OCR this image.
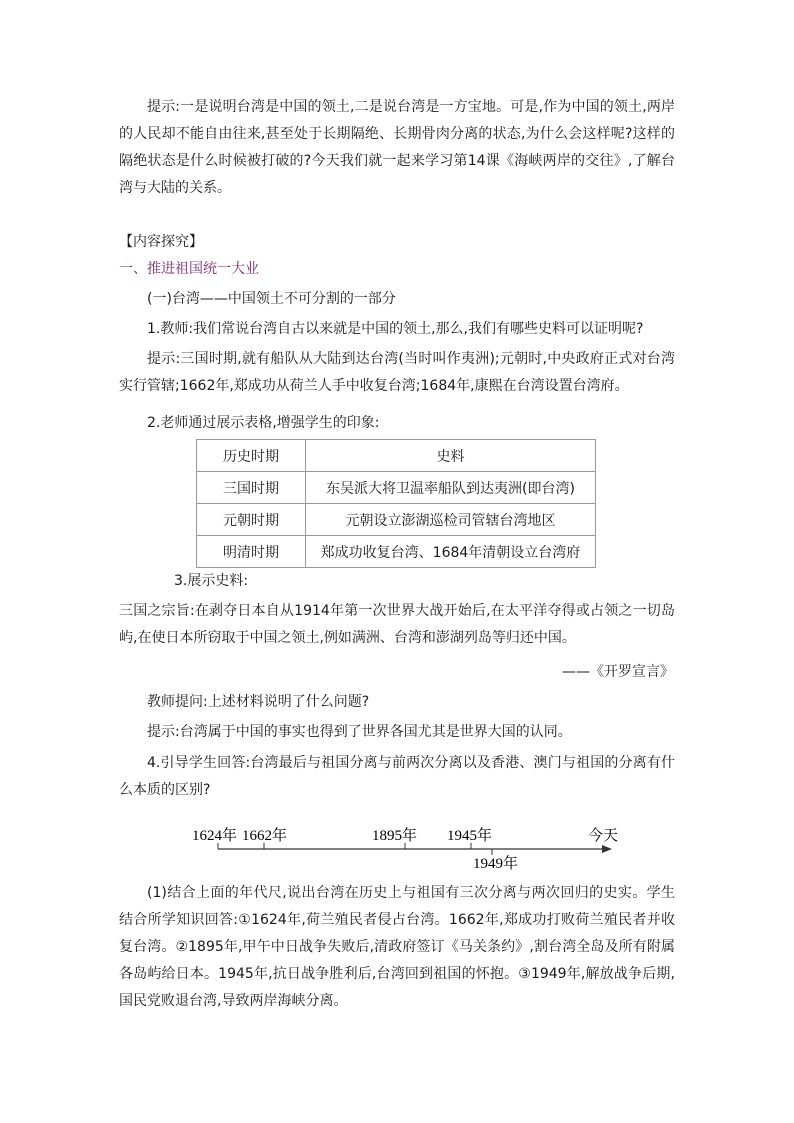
提示:一是说明台湾是中国的领土,二是说台湾是一方宝地。可是,作为中国的领土,两岸的人民却不能自由往来,甚至处于长期隔绝、长期骨肉分离的状态,为什么会这样呢?这样的隔绝状态是什么时候被打破的?今天我们就一起来学习第14课《海峡两岸的交往》,了解台湾与大陆的关系。

【内容探究】

一、推进祖国统一大业

(一)台湾——中国领土不可分割的一部分

1.教师:我们常说台湾自古以来就是中国的领土,那么,我们有哪些史料可以证明呢?

提示:三国时期,就有船队从大陆到达台湾(当时叫作夷洲);元朝时,中央政府正式对台湾实行管辖;1662年,郑成功从荷兰人手中收复台湾;1684年,康熙在台湾设置台湾府。

2.老师通过展示表格,增强学生的印象:

历史时期	史料
三国时期	东吴派大将卫温率船队到达夷洲(即台湾)
元朝时期	元朝设立澎湖巡检司管辖台湾地区
明清时期	郑成功收复台湾、1684年清朝设立台湾府

3.展示史料:

三国之宗旨:在剥夺日本自从1914年第一次世界大战开始后,在太平洋夺得或占领之一切岛屿,在使日本所窃取于中国之领土,例如满洲、台湾和澎湖列岛等归还中国。

——《开罗宣言》

教师提问:上述材料说明了什么问题?

提示:台湾属于中国的事实也得到了世界各国尤其是世界大国的认同。

4.引导学生回答:台湾最后与祖国分离与前两次分离以及香港、澳门与祖国的分离有什么本质的区别?

1624年 1662年	1895年 1945年	今天
1949年

(1)结合上面的年代尺,说出台湾在历史上与祖国有三次分离与两次回归的史实。学生结合所学知识回答:①1624年,荷兰殖民者侵占台湾。1662年,郑成功打败荷兰殖民者并收复台湾。②1895年,甲午中日战争失败后,清政府签订《马关条约》,割台湾全岛及所有附属各岛屿给日本。1945年,抗日战争胜利后,台湾回到祖国的怀抱。③1949年,解放战争后期,国民党败退台湾,导致两岸海峡分离。
